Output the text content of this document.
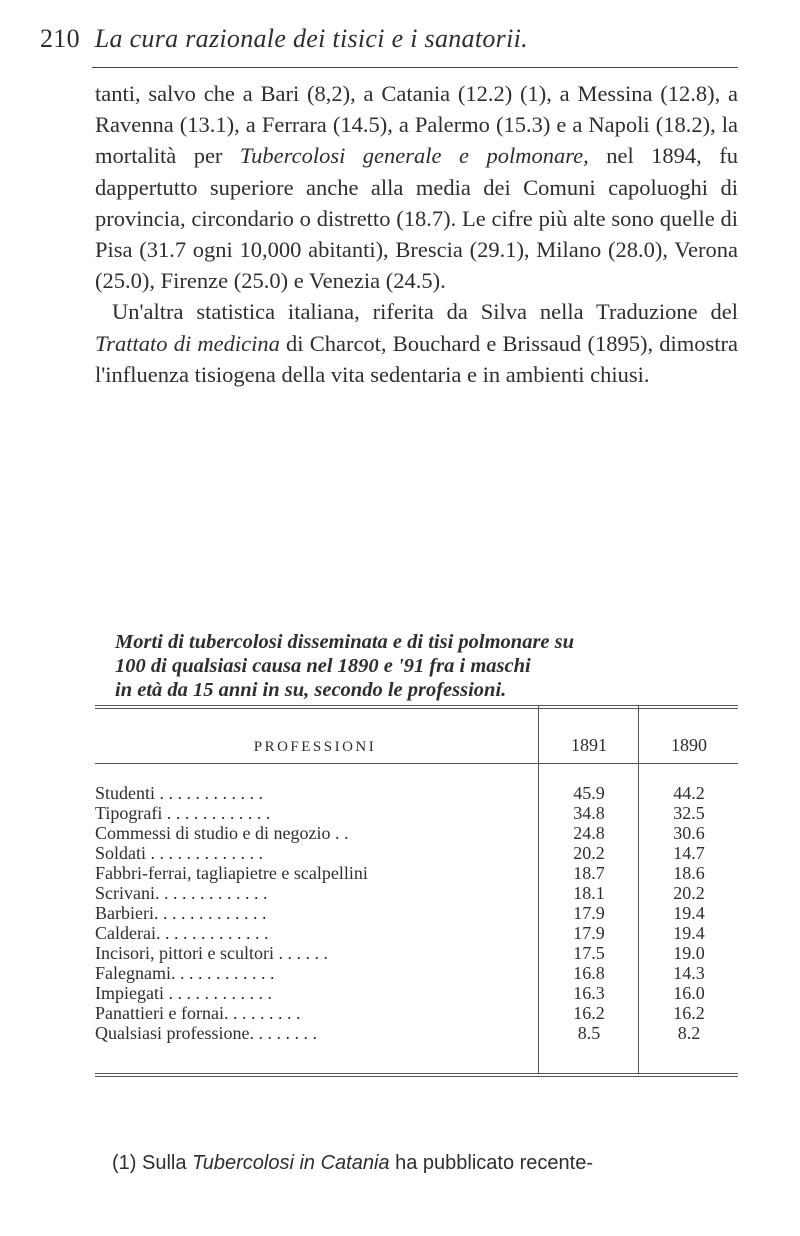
210 La cura razionale dei tisici e i sanatorii.

tanti, salvo che a Bari (8,2), a Catania (12.2) (1), a Messina (12.8), a Ravenna (13.1), a Ferrara (14.5), a Palermo (15.3) e a Napoli (18.2), la mortalità per Tubercolosi generale e polmonare, nel 1894, fu dappertutto superiore anche alla media dei Comuni capoluoghi di provincia, circondario o distretto (18.7). Le cifre più alte sono quelle di Pisa (31.7 ogni 10,000 abitanti), Brescia (29.1), Milano (28.0), Verona (25.0), Firenze (25.0) e Venezia (24.5).

Un'altra statistica italiana, riferita da Silva nella Traduzione del Trattato di medicina di Charcot, Bouchard e Brissaud (1895), dimostra l'influenza tisiogena della vita sedentaria e in ambienti chiusi.

Morti di tubercolosi disseminata e di tisi polmonare su
100 di qualsiasi causa nel 1890 e '91 fra i maschi
in età da 15 anni in su, secondo le professioni.
PROFESSIONI	1891	1890
Studenti . . . . . . . . . . . .	45.9	44.2
Tipografi . . . . . . . . . . . .	34.8	32.5
Commessi di studio e di negozio . .	24.8	30.6
Soldati . . . . . . . . . . . . .	20.2	14.7
Fabbri-ferrai, tagliapietre e scalpellini	18.7	18.6
Scrivani. . . . . . . . . . . . .	18.1	20.2
Barbieri. . . . . . . . . . . . .	17.9	19.4
Calderai. . . . . . . . . . . . .	17.9	19.4
Incisori, pittori e scultori . . . . . .	17.5	19.0
Falegnami. . . . . . . . . . . .	16.8	14.3
Impiegati . . . . . . . . . . . .	16.3	16.0
Panattieri e fornai. . . . . . . . .	16.2	16.2
Qualsiasi professione. . . . . . . .	8.5	8.2
(1) Sulla Tubercolosi in Catania ha pubblicato recente-
